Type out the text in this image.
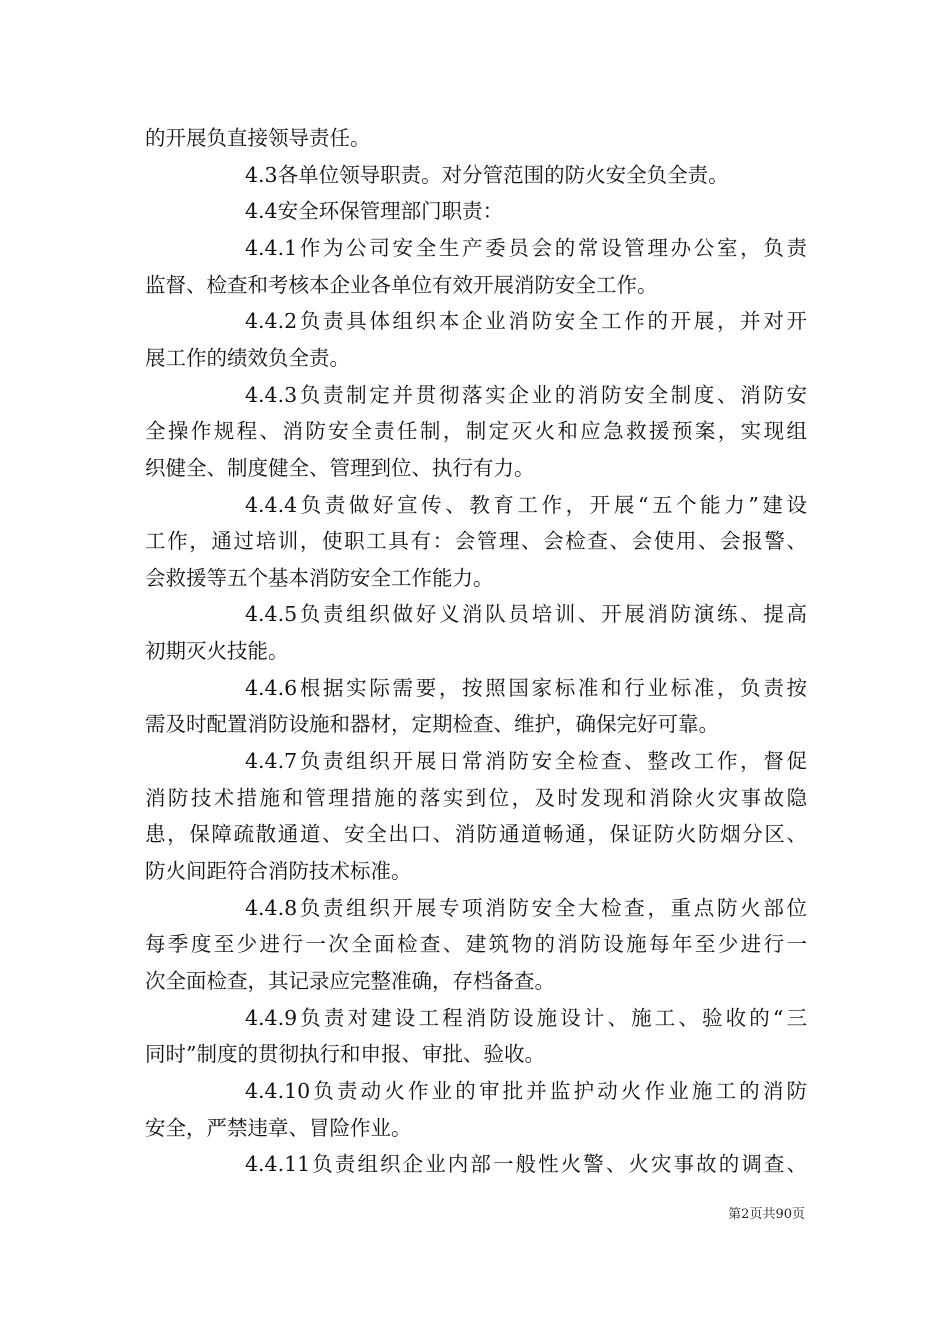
的开展负直接领导责任。
4.3各单位领导职责。对分管范围的防火安全负全责。
4.4安全环保管理部门职责：
4.4.1作为公司安全生产委员会的常设管理办公室，负责
监督、检查和考核本企业各单位有效开展消防安全工作。
4.4.2负责具体组织本企业消防安全工作的开展，并对开
展工作的绩效负全责。
4.4.3负责制定并贯彻落实企业的消防安全制度、消防安
全操作规程、消防安全责任制，制定灭火和应急救援预案，实现组
织健全、制度健全、管理到位、执行有力。
4.4.4负责做好宣传、教育工作，开展“五个能力”建设
工作，通过培训，使职工具有：会管理、会检查、会使用、会报警、
会救援等五个基本消防安全工作能力。
4.4.5负责组织做好义消队员培训、开展消防演练、提高
初期灭火技能。
4.4.6根据实际需要，按照国家标准和行业标准，负责按
需及时配置消防设施和器材，定期检查、维护，确保完好可靠。
4.4.7负责组织开展日常消防安全检查、整改工作，督促
消防技术措施和管理措施的落实到位，及时发现和消除火灾事故隐
患，保障疏散通道、安全出口、消防通道畅通，保证防火防烟分区、
防火间距符合消防技术标准。
4.4.8负责组织开展专项消防安全大检查，重点防火部位
每季度至少进行一次全面检查、建筑物的消防设施每年至少进行一
次全面检查，其记录应完整准确，存档备查。
4.4.9负责对建设工程消防设施设计、施工、验收的“三
同时”制度的贯彻执行和申报、审批、验收。
4.4.10负责动火作业的审批并监护动火作业施工的消防
安全，严禁违章、冒险作业。
4.4.11负责组织企业内部一般性火警、火灾事故的调查、
第2页共90页
